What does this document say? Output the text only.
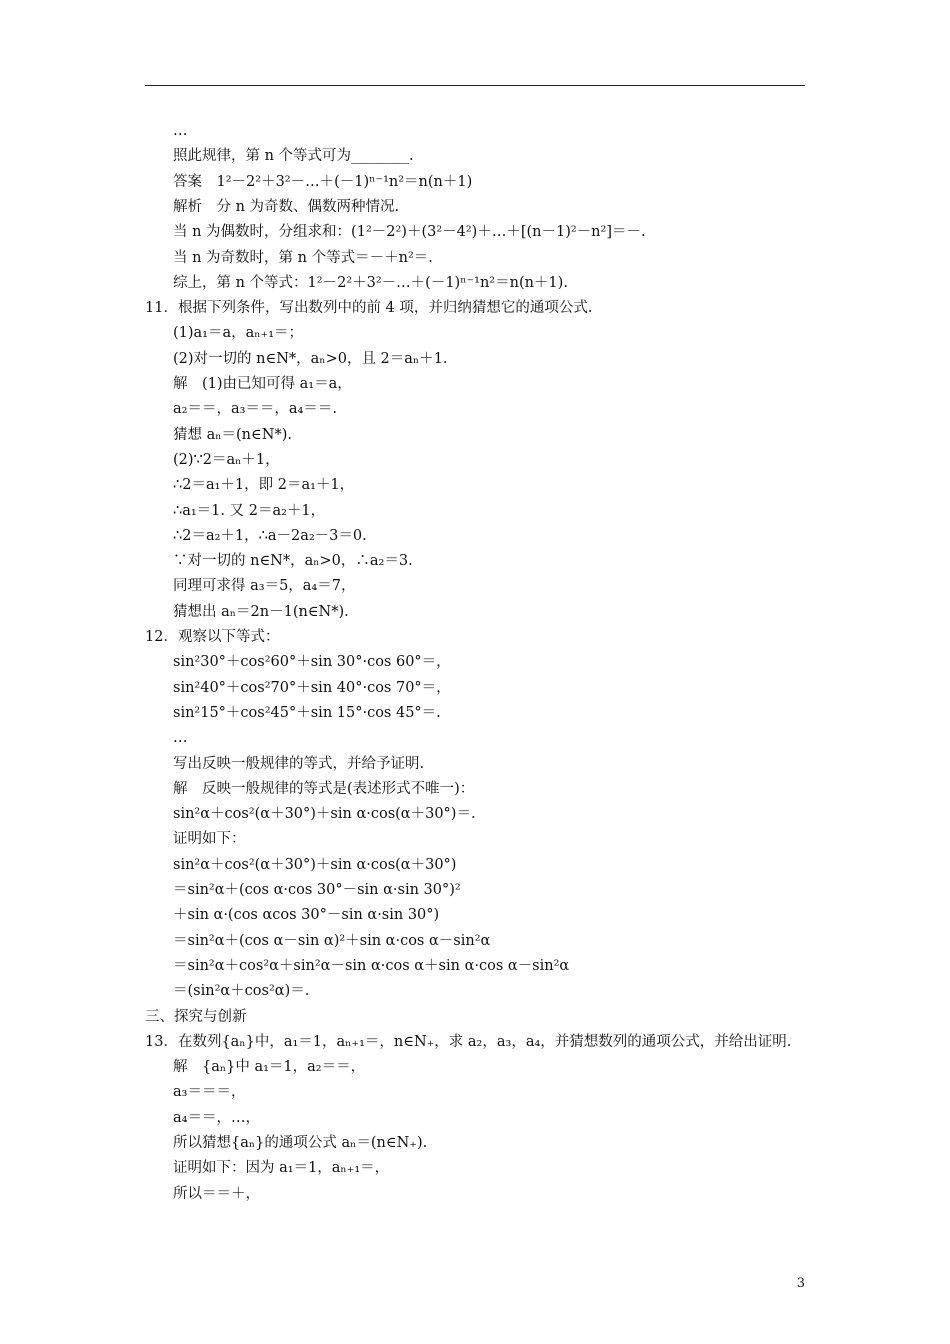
…
照此规律，第 n 个等式可为________.
答案　1²－2²＋3²－…＋(－1)ⁿ⁻¹n²＝n(n＋1)
解析　分 n 为奇数、偶数两种情况.
当 n 为偶数时，分组求和：(1²－2²)＋(3²－4²)＋…＋[(n－1)²－n²]＝－.
当 n 为奇数时，第 n 个等式＝－＋n²＝.
综上，第 n 个等式：1²－2²＋3²－…＋(－1)ⁿ⁻¹n²＝n(n＋1).
11．根据下列条件，写出数列中的前 4 项，并归纳猜想它的通项公式.
(1)a₁＝a，aₙ₊₁＝；
(2)对一切的 n∈N*，aₙ>0，且 2＝aₙ＋1.
解　(1)由已知可得 a₁＝a，
a₂＝＝，a₃＝＝，a₄＝＝.
猜想 aₙ＝(n∈N*).
(2)∵2＝aₙ＋1，
∴2＝a₁＋1，即 2＝a₁＋1，
∴a₁＝1. 又 2＝a₂＋1，
∴2＝a₂＋1，∴a－2a₂－3＝0.
∵对一切的 n∈N*，aₙ>0，∴a₂＝3.
同理可求得 a₃＝5，a₄＝7，
猜想出 aₙ＝2n－1(n∈N*).
12．观察以下等式：
sin²30°＋cos²60°＋sin 30°·cos 60°＝，
sin²40°＋cos²70°＋sin 40°·cos 70°＝，
sin²15°＋cos²45°＋sin 15°·cos 45°＝.
…
写出反映一般规律的等式，并给予证明.
解　反映一般规律的等式是(表述形式不唯一)：
sin²α＋cos²(α＋30°)＋sin α·cos(α＋30°)＝.
证明如下：
sin²α＋cos²(α＋30°)＋sin α·cos(α＋30°)
＝sin²α＋(cos α·cos 30°－sin α·sin 30°)²
＋sin α·(cos αcos 30°－sin α·sin 30°)
＝sin²α＋(cos α－sin α)²＋sin α·cos α－sin²α
＝sin²α＋cos²α＋sin²α－sin α·cos α＋sin α·cos α－sin²α
＝(sin²α＋cos²α)＝.
三、探究与创新
13．在数列{aₙ}中，a₁＝1，aₙ₊₁＝，n∈N₊，求 a₂，a₃，a₄，并猜想数列的通项公式，并给出证明.
解　{aₙ}中 a₁＝1，a₂＝＝，
a₃＝＝＝，
a₄＝＝，…，
所以猜想{aₙ}的通项公式 aₙ＝(n∈N₊).
证明如下：因为 a₁＝1，aₙ₊₁＝，
所以＝＝＋，
3
